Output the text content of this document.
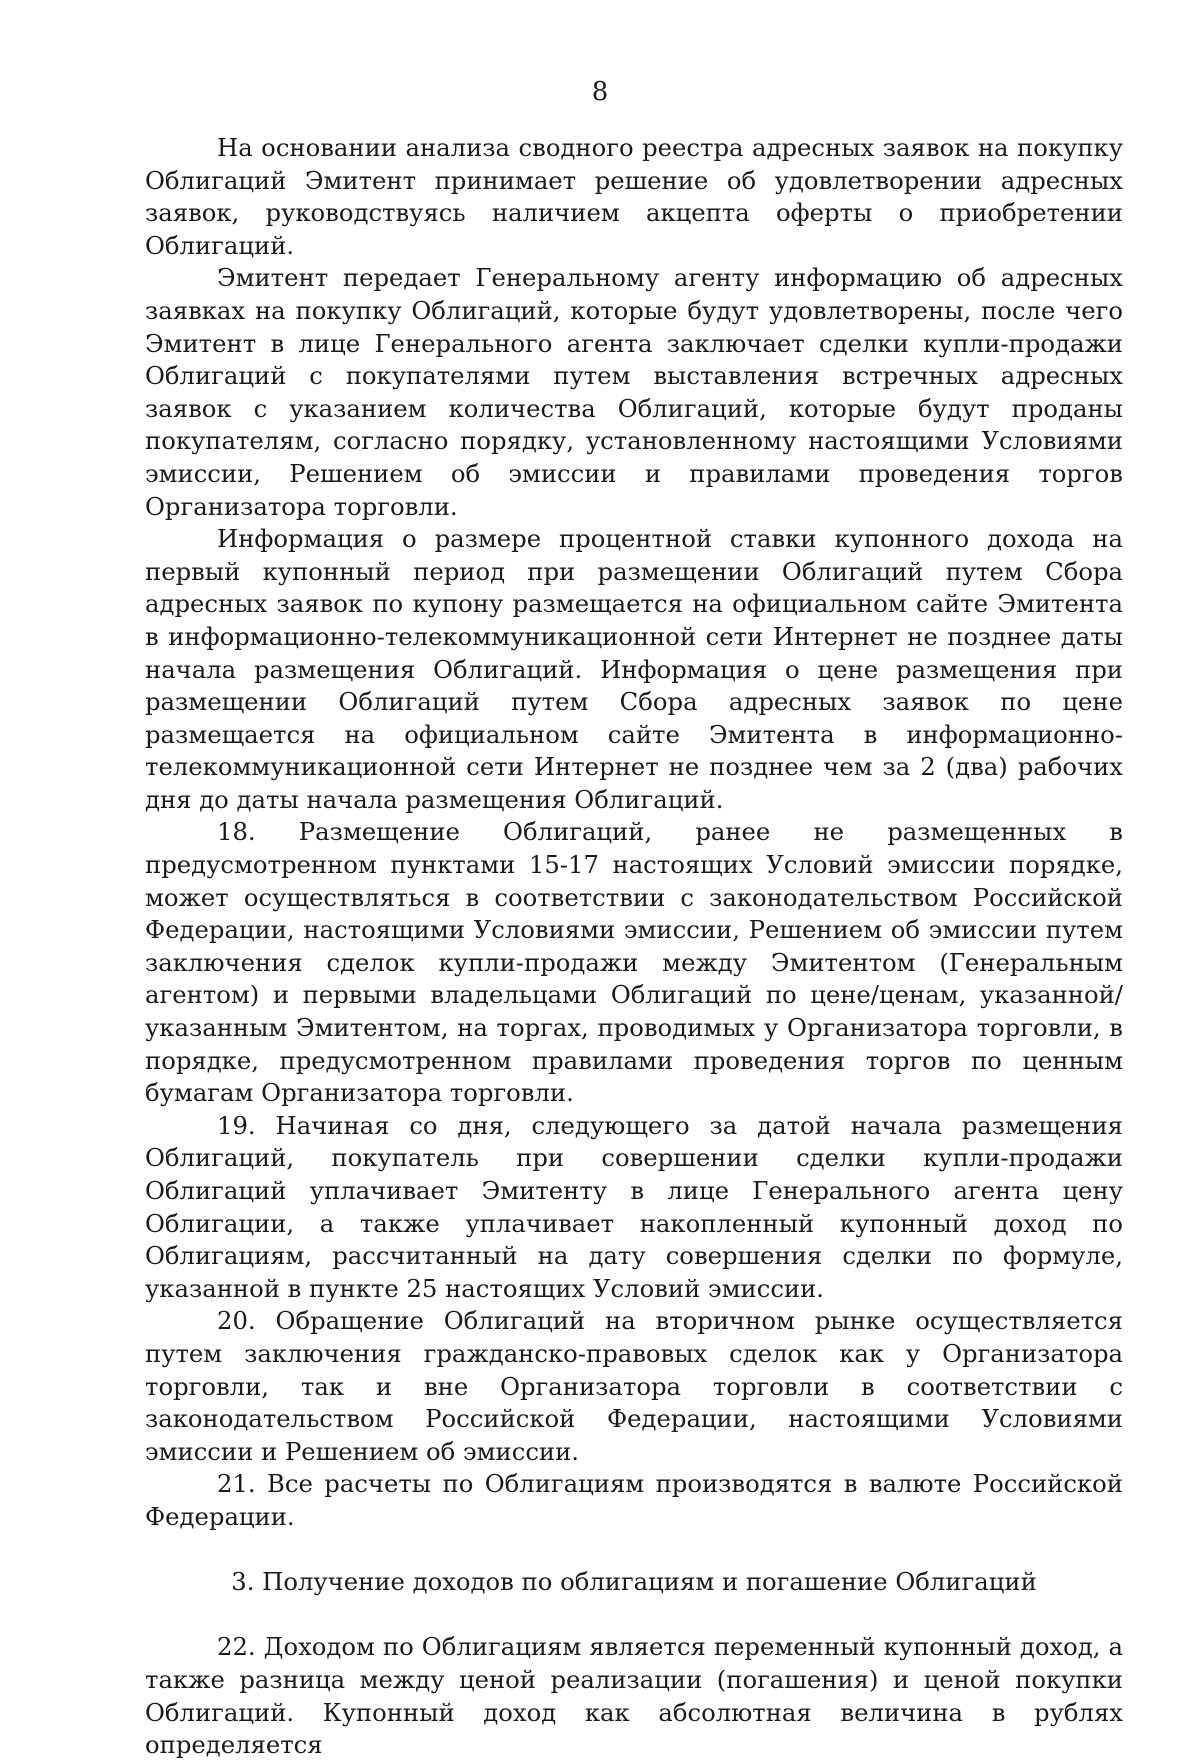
8

На основании анализа сводного реестра адресных заявок на покупку Облигаций Эмитент принимает решение об удовлетворении адресных заявок, руководствуясь наличием акцепта оферты о приобретении Облигаций.

Эмитент передает Генеральному агенту информацию об адресных заявках на покупку Облигаций, которые будут удовлетворены, после чего Эмитент в лице Генерального агента заключает сделки купли-продажи Облигаций с покупателями путем выставления встречных адресных заявок с указанием количества Облигаций, которые будут проданы покупателям, согласно порядку, установленному настоящими Условиями эмиссии, Решением об эмиссии и правилами проведения торгов Организатора торговли.

Информация о размере процентной ставки купонного дохода на первый купонный период при размещении Облигаций путем Сбора адресных заявок по купону размещается на официальном сайте Эмитента в информационно-телекоммуникационной сети Интернет не позднее даты начала размещения Облигаций. Информация о цене размещения при размещении Облигаций путем Сбора адресных заявок по цене размещается на официальном сайте Эмитента в информационно-телекоммуникационной сети Интернет не позднее чем за 2 (два) рабочих дня до даты начала размещения Облигаций.

18. Размещение Облигаций, ранее не размещенных в предусмотренном пунктами 15-17 настоящих Условий эмиссии порядке, может осуществляться в соответствии с законодательством Российской Федерации, настоящими Условиями эмиссии, Решением об эмиссии путем заключения сделок купли-продажи между Эмитентом (Генеральным агентом) и первыми владельцами Облигаций по цене/ценам, указанной/указанным Эмитентом, на торгах, проводимых у Организатора торговли, в порядке, предусмотренном правилами проведения торгов по ценным бумагам Организатора торговли.

19. Начиная со дня, следующего за датой начала размещения Облигаций, покупатель при совершении сделки купли-продажи Облигаций уплачивает Эмитенту в лице Генерального агента цену Облигации, а также уплачивает накопленный купонный доход по Облигациям, рассчитанный на дату совершения сделки по формуле, указанной в пункте 25 настоящих Условий эмиссии.

20. Обращение Облигаций на вторичном рынке осуществляется путем заключения гражданско-правовых сделок как у Организатора торговли, так и вне Организатора торговли в соответствии с законодательством Российской Федерации, настоящими Условиями эмиссии и Решением об эмиссии.

21. Все расчеты по Облигациям производятся в валюте Российской Федерации.

3. Получение доходов по облигациям и погашение Облигаций

22. Доходом по Облигациям является переменный купонный доход, а также разница между ценой реализации (погашения) и ценой покупки Облигаций. Купонный доход как абсолютная величина в рублях определяется
